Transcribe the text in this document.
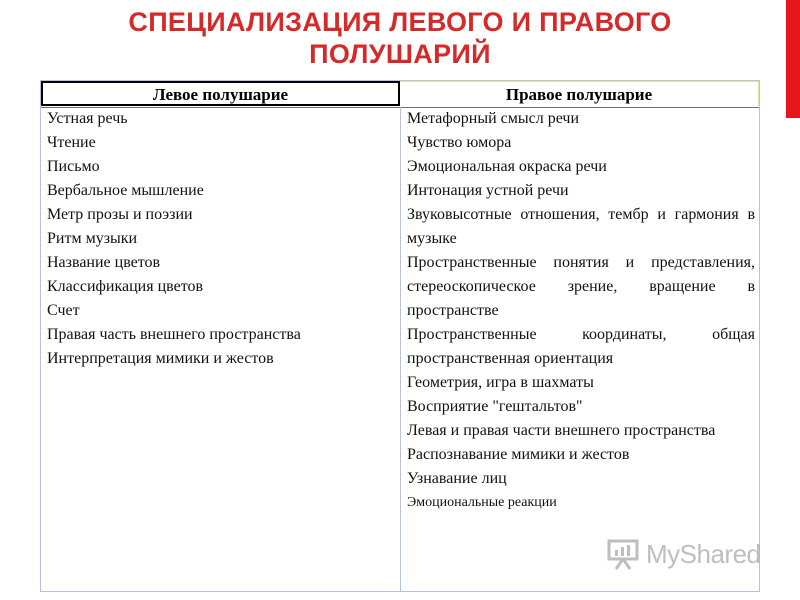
СПЕЦИАЛИЗАЦИЯ ЛЕВОГО И ПРАВОГО
ПОЛУШАРИЙ
Левое полушарие	Правое полушарие
Устная речь
Чтение
Письмо
Вербальное мышление
Метр прозы и поэзии
Ритм музыки
Название цветов
Классификация цветов
Счет
Правая часть внешнего пространства
Интерпретация мимики и жестов
Метафорный смысл речи
Чувство юмора
Эмоциональная окраска речи
Интонация устной речи
Звуковысотные отношения, тембр и гармония в музыке
Пространственные понятия и представления, стереоскопическое зрение, вращение в пространстве
Пространственные координаты, общая пространственная ориентация
Геометрия, игра в шахматы
Восприятие "гештальтов"
Левая и правая части внешнего пространства
Распознавание мимики и жестов
Узнавание лиц
Эмоциональные реакции
MyShared
